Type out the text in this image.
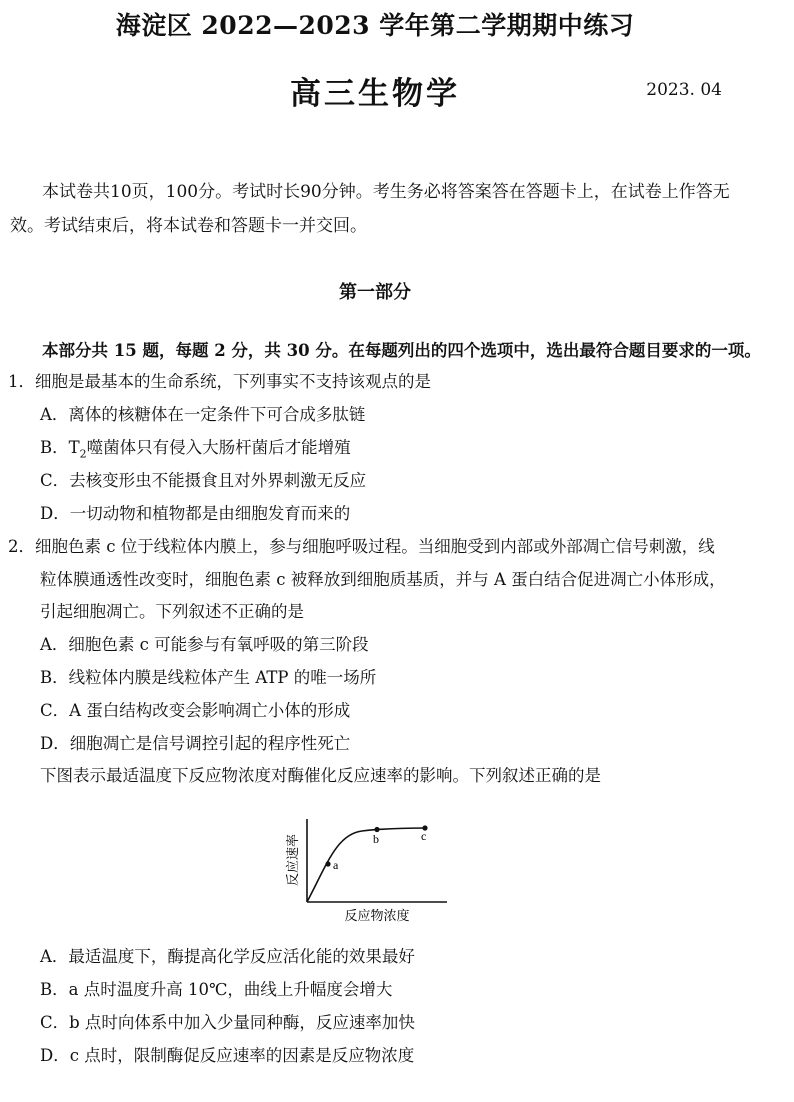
海淀区 2022—2023 学年第二学期期中练习
高三生物学	2023. 04
本试卷共10页，100分。考试时长90分钟。考生务必将答案答在答题卡上，在试卷上作答无
效。考试结束后，将本试卷和答题卡一并交回。
第一部分
本部分共 15 题，每题 2 分，共 30 分。在每题列出的四个选项中，选出最符合题目要求的一项。
1．细胞是最基本的生命系统，下列事实不支持该观点的是
A．离体的核糖体在一定条件下可合成多肽链
B．$T_2$噬菌体只有侵入大肠杆菌后才能增殖
C．去核变形虫不能摄食且对外界刺激无反应
D．一切动物和植物都是由细胞发育而来的
2．细胞色素 c 位于线粒体内膜上，参与细胞呼吸过程。当细胞受到内部或外部凋亡信号刺激，线
粒体膜通透性改变时，细胞色素 c 被释放到细胞质基质，并与 A 蛋白结合促进凋亡小体形成，
引起细胞凋亡。下列叙述不正确的是
A．细胞色素 c 可能参与有氧呼吸的第三阶段
B．线粒体内膜是线粒体产生 ATP 的唯一场所
C．A 蛋白结构改变会影响凋亡小体的形成
D．细胞凋亡是信号调控引起的程序性死亡
下图表示最适温度下反应物浓度对酶催化反应速率的影响。下列叙述正确的是
a
b	c
反应速率
反应物浓度
A．最适温度下，酶提高化学反应活化能的效果最好
B．a 点时温度升高 10℃，曲线上升幅度会增大
C．b 点时向体系中加入少量同种酶，反应速率加快
D．c 点时，限制酶促反应速率的因素是反应物浓度
